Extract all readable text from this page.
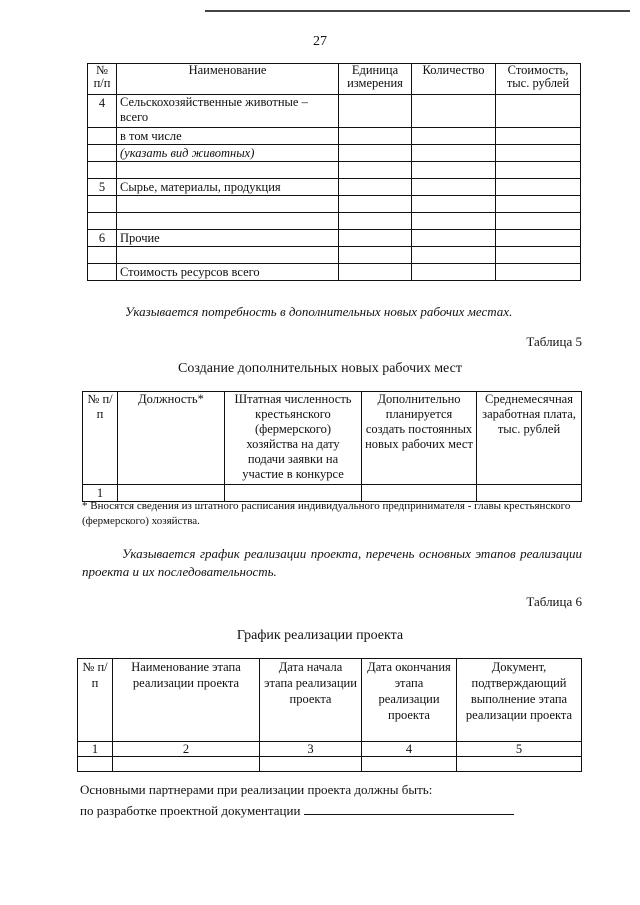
27
№ п/п	Наименование	Единица измерения	Количество	Стоимость, тыс. рублей
4	Сельскохозяйственные животные – всего			
	в том числе			
	(указать вид животных)			

5	Сырье, материалы, продукция			

6	Прочие			

	Стоимость ресурсов всего			
Указывается потребность в дополнительных новых рабочих местах.
Таблица 5
Создание дополнительных новых рабочих мест
№ п/п	Должность*	Штатная численность крестьянского (фермерского) хозяйства на дату подачи заявки на участие в конкурсе	Дополнительно планируется создать постоянных новых рабочих мест	Среднемесячная заработная плата, тыс. рублей
1				
* Вносятся сведения из штатного расписания индивидуального предпринимателя - главы крестьянского (фермерского) хозяйства.
Указывается график реализации проекта, перечень основных этапов реализации проекта и их последовательность.
Таблица 6
График реализации проекта
№ п/п	Наименование этапа реализации проекта	Дата начала этапа реализации проекта	Дата окончания этапа реализации проекта	Документ, подтверждающий выполнение этапа реализации проекта
1	2	3	4	5

Основными партнерами при реализации проекта должны быть:
по разработке проектной документации
